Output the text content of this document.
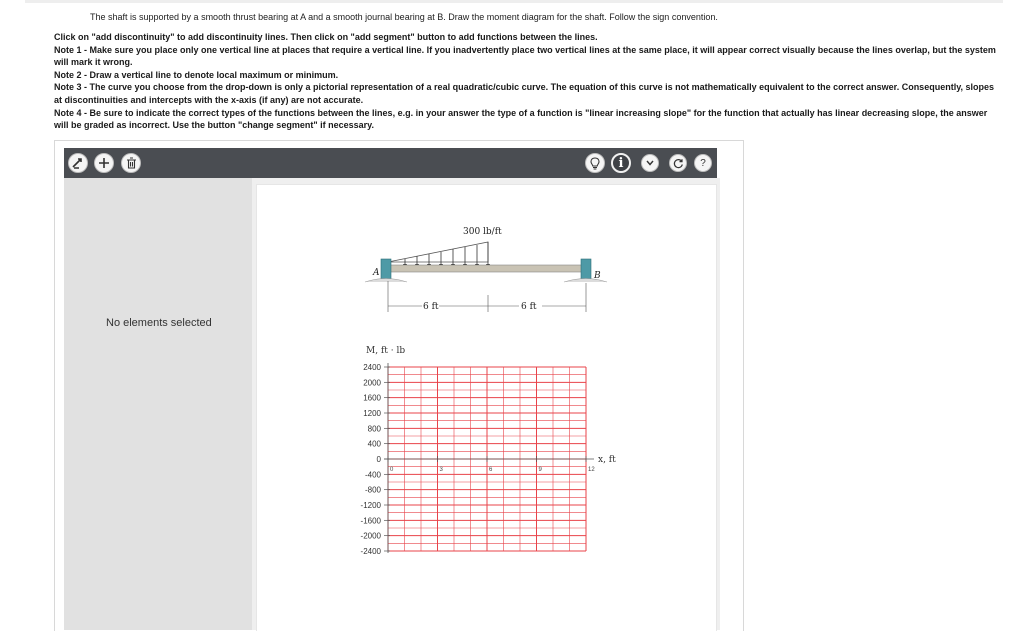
The shaft is supported by a smooth thrust bearing at A and a smooth journal bearing at B. Draw the moment diagram for the shaft. Follow the sign convention.

Click on "add discontinuity" to add discontinuity lines. Then click on "add segment" button to add functions between the lines.

Note 1 - Make sure you place only one vertical line at places that require a vertical line. If you inadvertently place two vertical lines at the same place, it will appear correct visually because the lines overlap, but the system will mark it wrong.

Note 2 - Draw a vertical line to denote local maximum or minimum.

Note 3 - The curve you choose from the drop-down is only a pictorial representation of a real quadratic/cubic curve. The equation of this curve is not mathematically equivalent to the correct answer. Consequently, slopes at discontinuities and intercepts with the x-axis (if any) are not accurate.

Note 4 - Be sure to indicate the correct types of the functions between the lines, e.g. in your answer the type of a function is "linear increasing slope" for the function that actually has linear decreasing slope, the answer will be graded as incorrect. Use the button "change segment" if necessary.

i	?
No elements selected
300 lb/ft
A	B
6 ft	6 ft
2400
2000
1600
1200
800
400
0
-400
-800
-1200
-1600
-2000
-2400
0	3	6	9	12
M, ft · lb
x, ft
